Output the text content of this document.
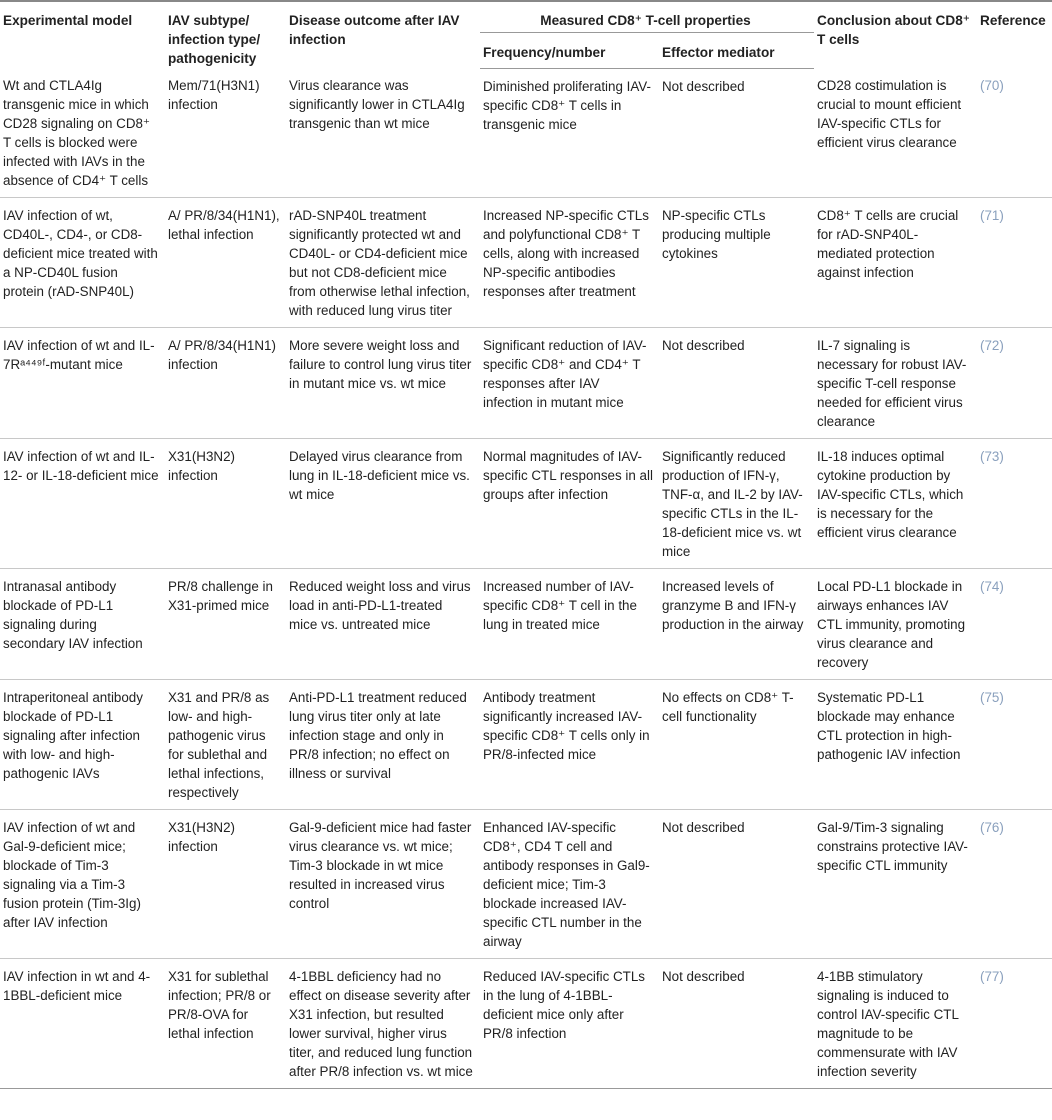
Experimental model	IAV subtype/ infection type/ pathogenicity	Disease outcome after IAV infection	Measured CD8⁺ T-cell properties		Conclusion about CD8⁺ T cells	Reference
			Frequency/number	Effector mediator		
Wt and CTLA4Ig transgenic mice in which CD28 signaling on CD8⁺ T cells is blocked were infected with IAVs in the absence of CD4⁺ T cells	Mem/71(H3N1) infection	Virus clearance was significantly lower in CTLA4Ig transgenic than wt mice	Diminished proliferating IAV-specific CD8⁺ T cells in transgenic mice	Not described	CD28 costimulation is crucial to mount efficient IAV-specific CTLs for efficient virus clearance	(70)
IAV infection of wt, CD40L-, CD4-, or CD8-deficient mice treated with a NP-CD40L fusion protein (rAD-SNP40L)	A/ PR/8/34(H1N1), lethal infection	rAD-SNP40L treatment significantly protected wt and CD40L- or CD4-deficient mice but not CD8-deficient mice from otherwise lethal infection, with reduced lung virus titer	Increased NP-specific CTLs and polyfunctional CD8⁺ T cells, along with increased NP-specific antibodies responses after treatment	NP-specific CTLs producing multiple cytokines	CD8⁺ T cells are crucial for rAD-SNP40L-mediated protection against infection	(71)
IAV infection of wt and IL-7Rᵃ⁴⁴⁹ᶠ-mutant mice	A/ PR/8/34(H1N1) infection	More severe weight loss and failure to control lung virus titer in mutant mice vs. wt mice	Significant reduction of IAV-specific CD8⁺ and CD4⁺ T responses after IAV infection in mutant mice	Not described	IL-7 signaling is necessary for robust IAV-specific T-cell response needed for efficient virus clearance	(72)
IAV infection of wt and IL-12- or IL-18-deficient mice	X31(H3N2) infection	Delayed virus clearance from lung in IL-18-deficient mice vs. wt mice	Normal magnitudes of IAV-specific CTL responses in all groups after infection	Significantly reduced production of IFN-γ, TNF-α, and IL-2 by IAV-specific CTLs in the IL-18-deficient mice vs. wt mice	IL-18 induces optimal cytokine production by IAV-specific CTLs, which is necessary for the efficient virus clearance	(73)
Intranasal antibody blockade of PD-L1 signaling during secondary IAV infection	PR/8 challenge in X31-primed mice	Reduced weight loss and virus load in anti-PD-L1-treated mice vs. untreated mice	Increased number of IAV-specific CD8⁺ T cell in the lung in treated mice	Increased levels of granzyme B and IFN-γ production in the airway	Local PD-L1 blockade in airways enhances IAV CTL immunity, promoting virus clearance and recovery	(74)
Intraperitoneal antibody blockade of PD-L1 signaling after infection with low- and high-pathogenic IAVs	X31 and PR/8 as low- and high-pathogenic virus for sublethal and lethal infections, respectively	Anti-PD-L1 treatment reduced lung virus titer only at late infection stage and only in PR/8 infection; no effect on illness or survival	Antibody treatment significantly increased IAV-specific CD8⁺ T cells only in PR/8-infected mice	No effects on CD8⁺ T-cell functionality	Systematic PD-L1 blockade may enhance CTL protection in high-pathogenic IAV infection	(75)
IAV infection of wt and Gal-9-deficient mice; blockade of Tim-3 signaling via a Tim-3 fusion protein (Tim-3Ig) after IAV infection	X31(H3N2) infection	Gal-9-deficient mice had faster virus clearance vs. wt mice; Tim-3 blockade in wt mice resulted in increased virus control	Enhanced IAV-specific CD8⁺, CD4 T cell and antibody responses in Gal9-deficient mice; Tim-3 blockade increased IAV-specific CTL number in the airway	Not described	Gal-9/Tim-3 signaling constrains protective IAV-specific CTL immunity	(76)
IAV infection in wt and 4-1BBL-deficient mice	X31 for sublethal infection; PR/8 or PR/8-OVA for lethal infection	4-1BBL deficiency had no effect on disease severity after X31 infection, but resulted lower survival, higher virus titer, and reduced lung function after PR/8 infection vs. wt mice	Reduced IAV-specific CTLs in the lung of 4-1BBL-deficient mice only after PR/8 infection	Not described	4-1BB stimulatory signaling is induced to control IAV-specific CTL magnitude to be commensurate with IAV infection severity	(77)
